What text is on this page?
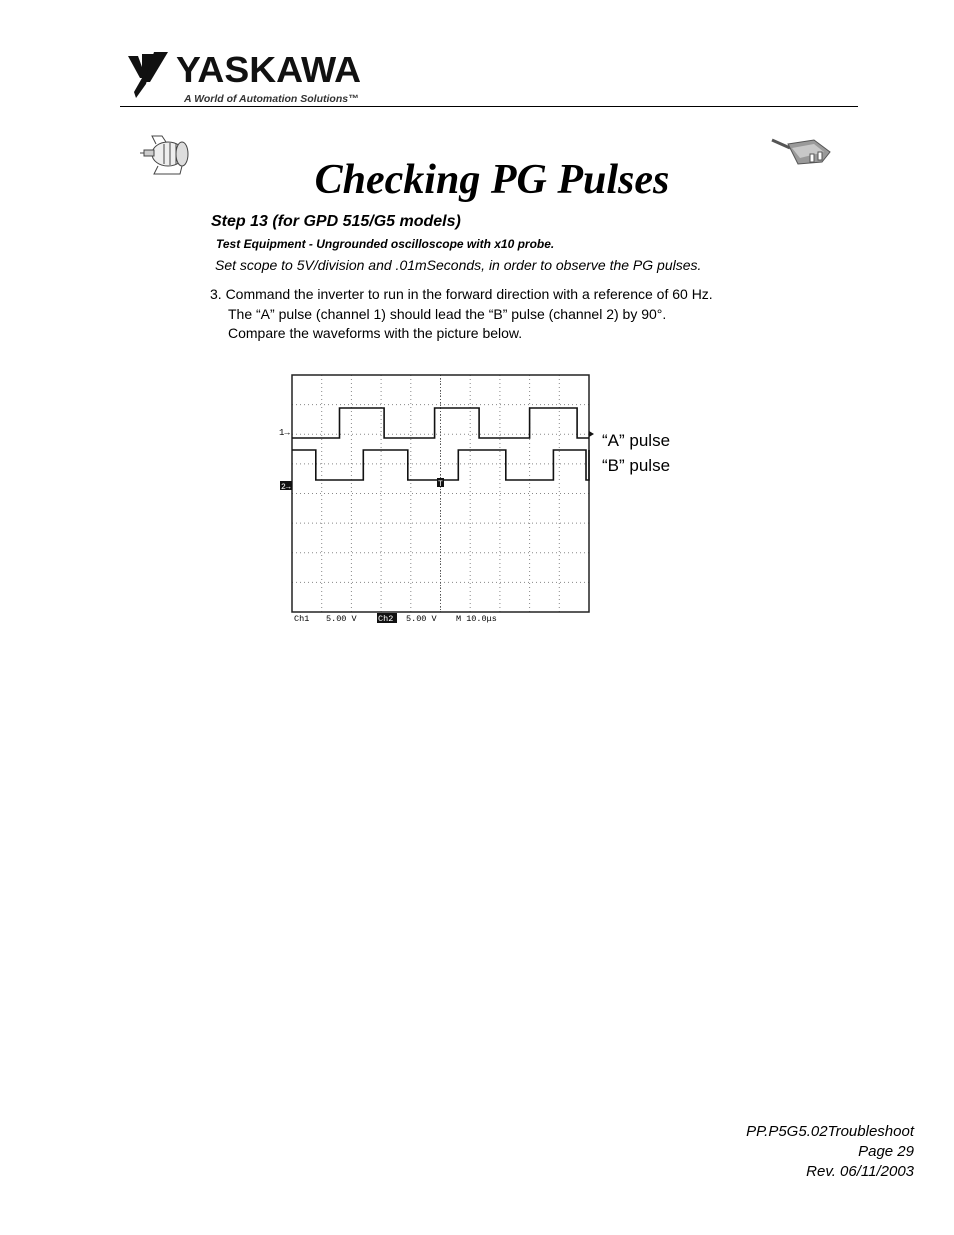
YASKAWA
A World of Automation Solutions™
Checking PG Pulses
Step 13 (for GPD 515/G5 models)
Test Equipment - Ungrounded oscilloscope with x10 probe.
Set scope to 5V/division and .01mSeconds, in order to observe the PG pulses.
3. Command the inverter to run in the forward direction with a reference of 60 Hz.
The “A” pulse (channel 1) should lead the “B” pulse (channel 2) by 90°.
Compare the waveforms with the picture below.
1→
2→	T
“A” pulse
“B” pulse
Ch1 5.00 V	Ch2 5.00 V M 10.0μs
PP.P5G5.02Troubleshoot
Page 29
Rev. 06/11/2003
